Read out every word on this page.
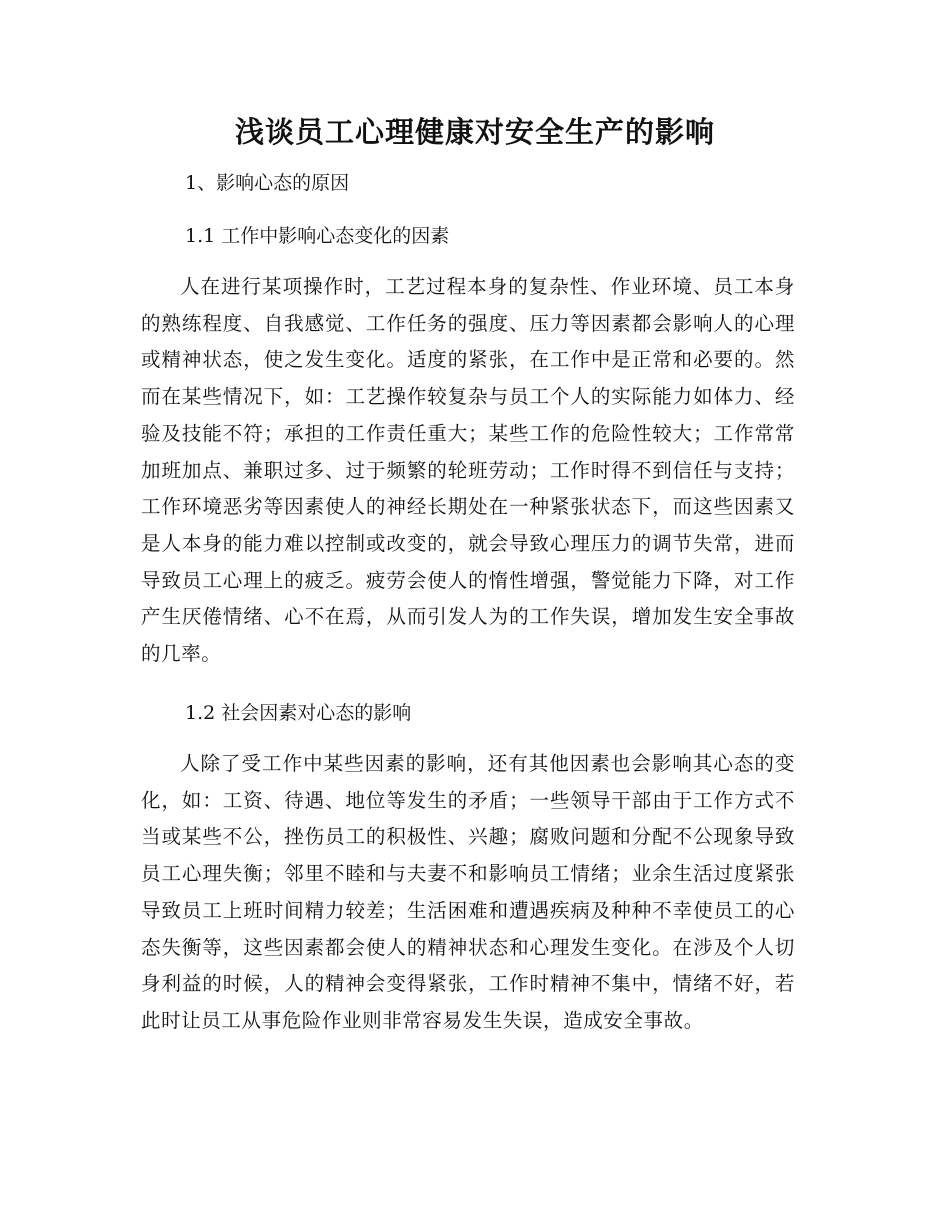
浅谈员工心理健康对安全生产的影响

1、影响心态的原因

1.1 工作中影响心态变化的因素

人在进行某项操作时，工艺过程本身的复杂性、作业环境、员工本身的熟练程度、自我感觉、工作任务的强度、压力等因素都会影响人的心理或精神状态，使之发生变化。适度的紧张，在工作中是正常和必要的。然而在某些情况下，如：工艺操作较复杂与员工个人的实际能力如体力、经验及技能不符；承担的工作责任重大；某些工作的危险性较大；工作常常加班加点、兼职过多、过于频繁的轮班劳动；工作时得不到信任与支持；工作环境恶劣等因素使人的神经长期处在一种紧张状态下，而这些因素又是人本身的能力难以控制或改变的，就会导致心理压力的调节失常，进而导致员工心理上的疲乏。疲劳会使人的惰性增强，警觉能力下降，对工作产生厌倦情绪、心不在焉，从而引发人为的工作失误，增加发生安全事故的几率。

1.2 社会因素对心态的影响

人除了受工作中某些因素的影响，还有其他因素也会影响其心态的变化，如：工资、待遇、地位等发生的矛盾；一些领导干部由于工作方式不当或某些不公，挫伤员工的积极性、兴趣；腐败问题和分配不公现象导致员工心理失衡；邻里不睦和与夫妻不和影响员工情绪；业余生活过度紧张导致员工上班时间精力较差；生活困难和遭遇疾病及种种不幸使员工的心态失衡等，这些因素都会使人的精神状态和心理发生变化。在涉及个人切身利益的时候，人的精神会变得紧张，工作时精神不集中，情绪不好，若此时让员工从事危险作业则非常容易发生失误，造成安全事故。
